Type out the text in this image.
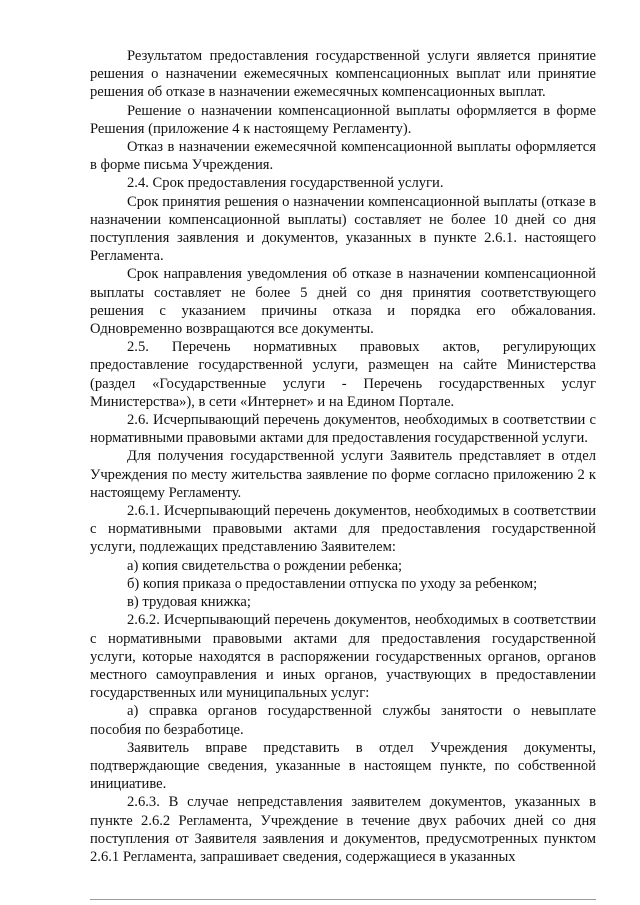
Результатом предоставления государственной услуги является принятие решения о назначении ежемесячных компенсационных выплат или принятие решения об отказе в назначении ежемесячных компенсационных выплат.

Решение о назначении компенсационной выплаты оформляется в форме Решения (приложение 4 к настоящему Регламенту).

Отказ в назначении ежемесячной компенсационной выплаты оформляется в форме письма Учреждения.

2.4. Срок предоставления государственной услуги.

Срок принятия решения о назначении компенсационной выплаты (отказе в назначении компенсационной выплаты) составляет не более 10 дней со дня поступления заявления и документов, указанных в пункте 2.6.1. настоящего Регламента.

Срок направления уведомления об отказе в назначении компенсационной выплаты составляет не более 5 дней со дня принятия соответствующего решения с указанием причины отказа и порядка его обжалования. Одновременно возвращаются все документы.

2.5. Перечень нормативных правовых актов, регулирующих предоставление государственной услуги, размещен на сайте Министерства (раздел «Государственные услуги - Перечень государственных услуг Министерства»), в сети «Интернет» и на Едином Портале.

2.6. Исчерпывающий перечень документов, необходимых в соответствии с нормативными правовыми актами для предоставления государственной услуги.

Для получения государственной услуги Заявитель представляет в отдел Учреждения по месту жительства заявление по форме согласно приложению 2 к настоящему Регламенту.

2.6.1. Исчерпывающий перечень документов, необходимых в соответствии с нормативными правовыми актами для предоставления государственной услуги, подлежащих представлению Заявителем:

а) копия свидетельства о рождении ребенка;

б) копия приказа о предоставлении отпуска по уходу за ребенком;

в) трудовая книжка;

2.6.2. Исчерпывающий перечень документов, необходимых в соответствии с нормативными правовыми актами для предоставления государственной услуги, которые находятся в распоряжении государственных органов, органов местного самоуправления и иных органов, участвующих в предоставлении государственных или муниципальных услуг:

а) справка органов государственной службы занятости о невыплате пособия по безработице.

Заявитель вправе представить в отдел Учреждения документы, подтверждающие сведения, указанные в настоящем пункте, по собственной инициативе.

2.6.3. В случае непредставления заявителем документов, указанных в пункте 2.6.2 Регламента, Учреждение в течение двух рабочих дней со дня поступления от Заявителя заявления и документов, предусмотренных пунктом 2.6.1 Регламента, запрашивает сведения, содержащиеся в указанных
